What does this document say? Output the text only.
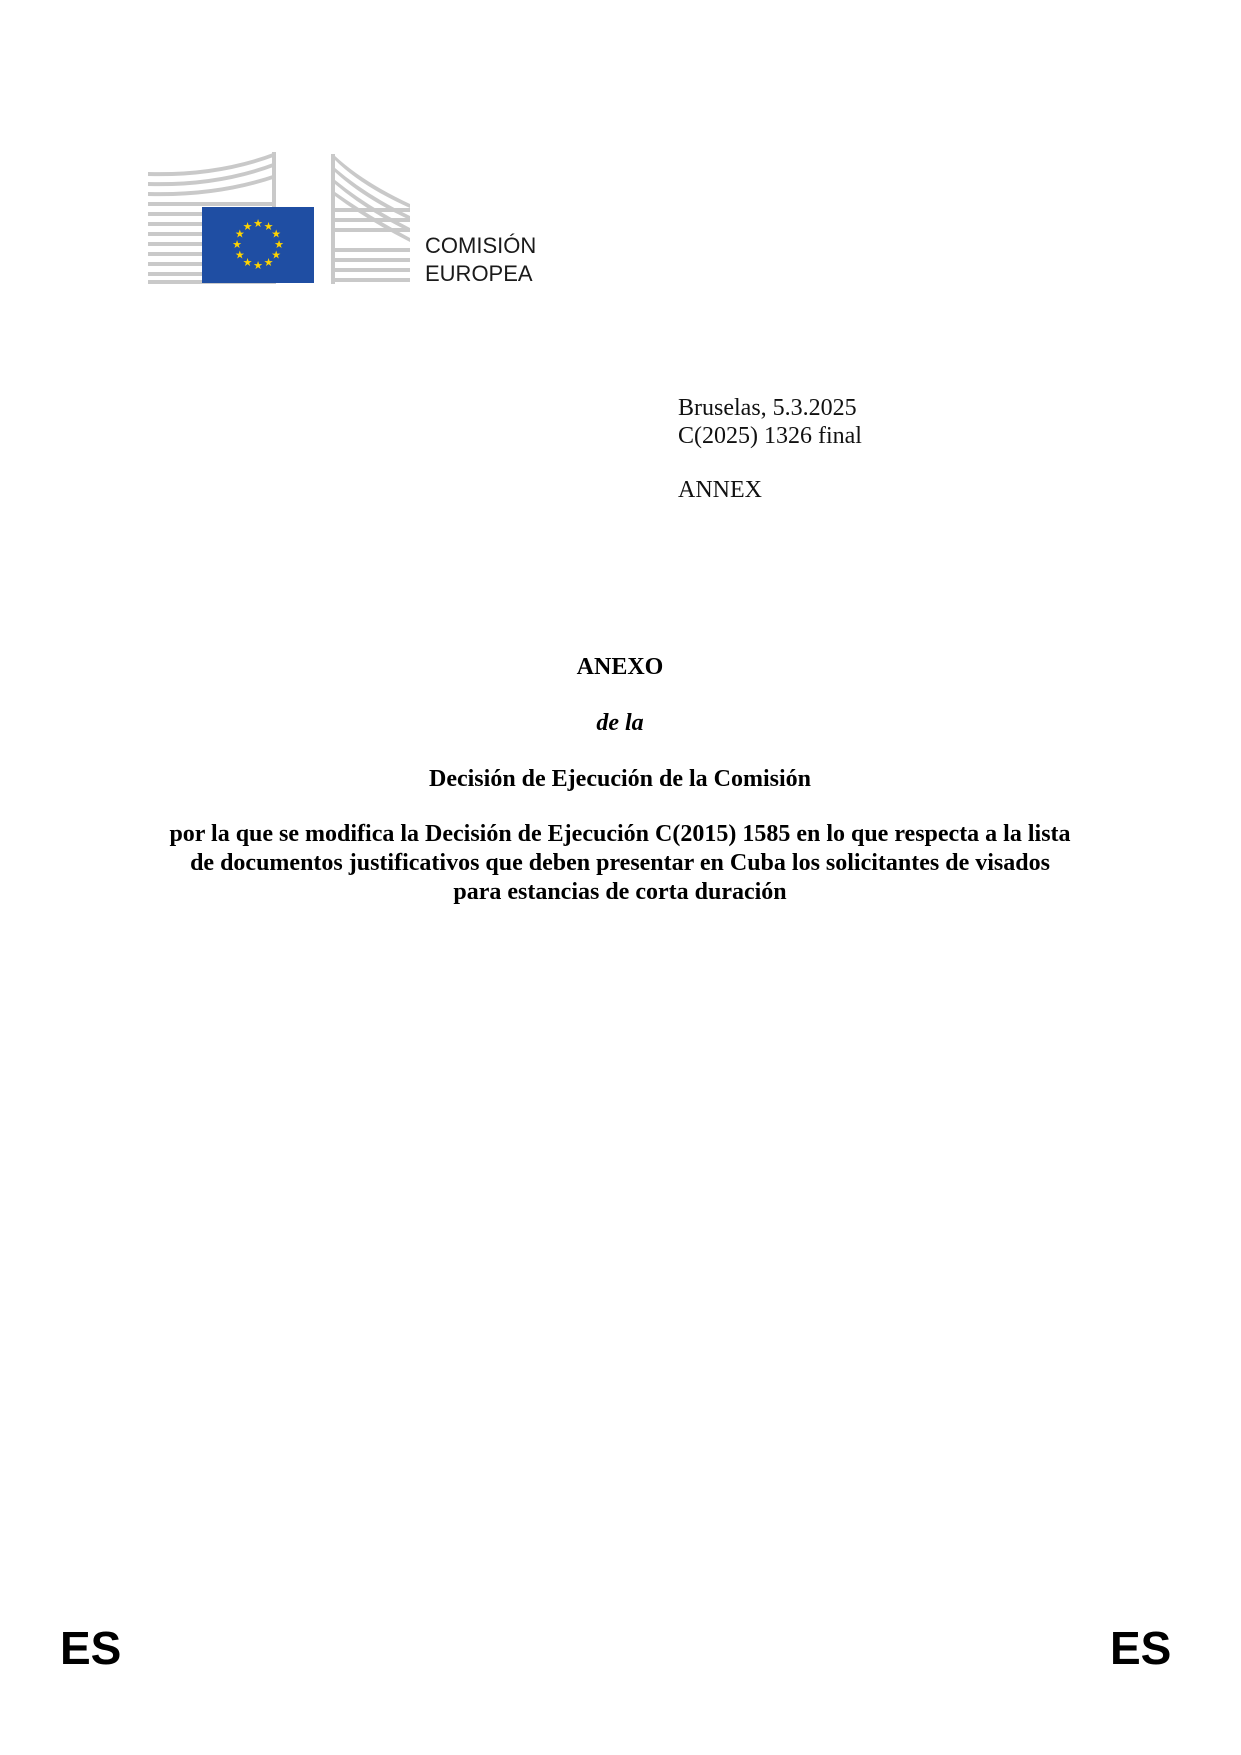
★ ★
★
★
★
★
★
★
★
★
★
★
COMISIÓN
EUROPEA
Bruselas, 5.3.2025
C(2025) 1326 final
ANNEX
ANEXO
de la
Decisión de Ejecución de la Comisión
por la que se modifica la Decisión de Ejecución C(2015) 1585 en lo que respecta a la lista
de documentos justificativos que deben presentar en Cuba los solicitantes de visados
para estancias de corta duración
ES	ES
